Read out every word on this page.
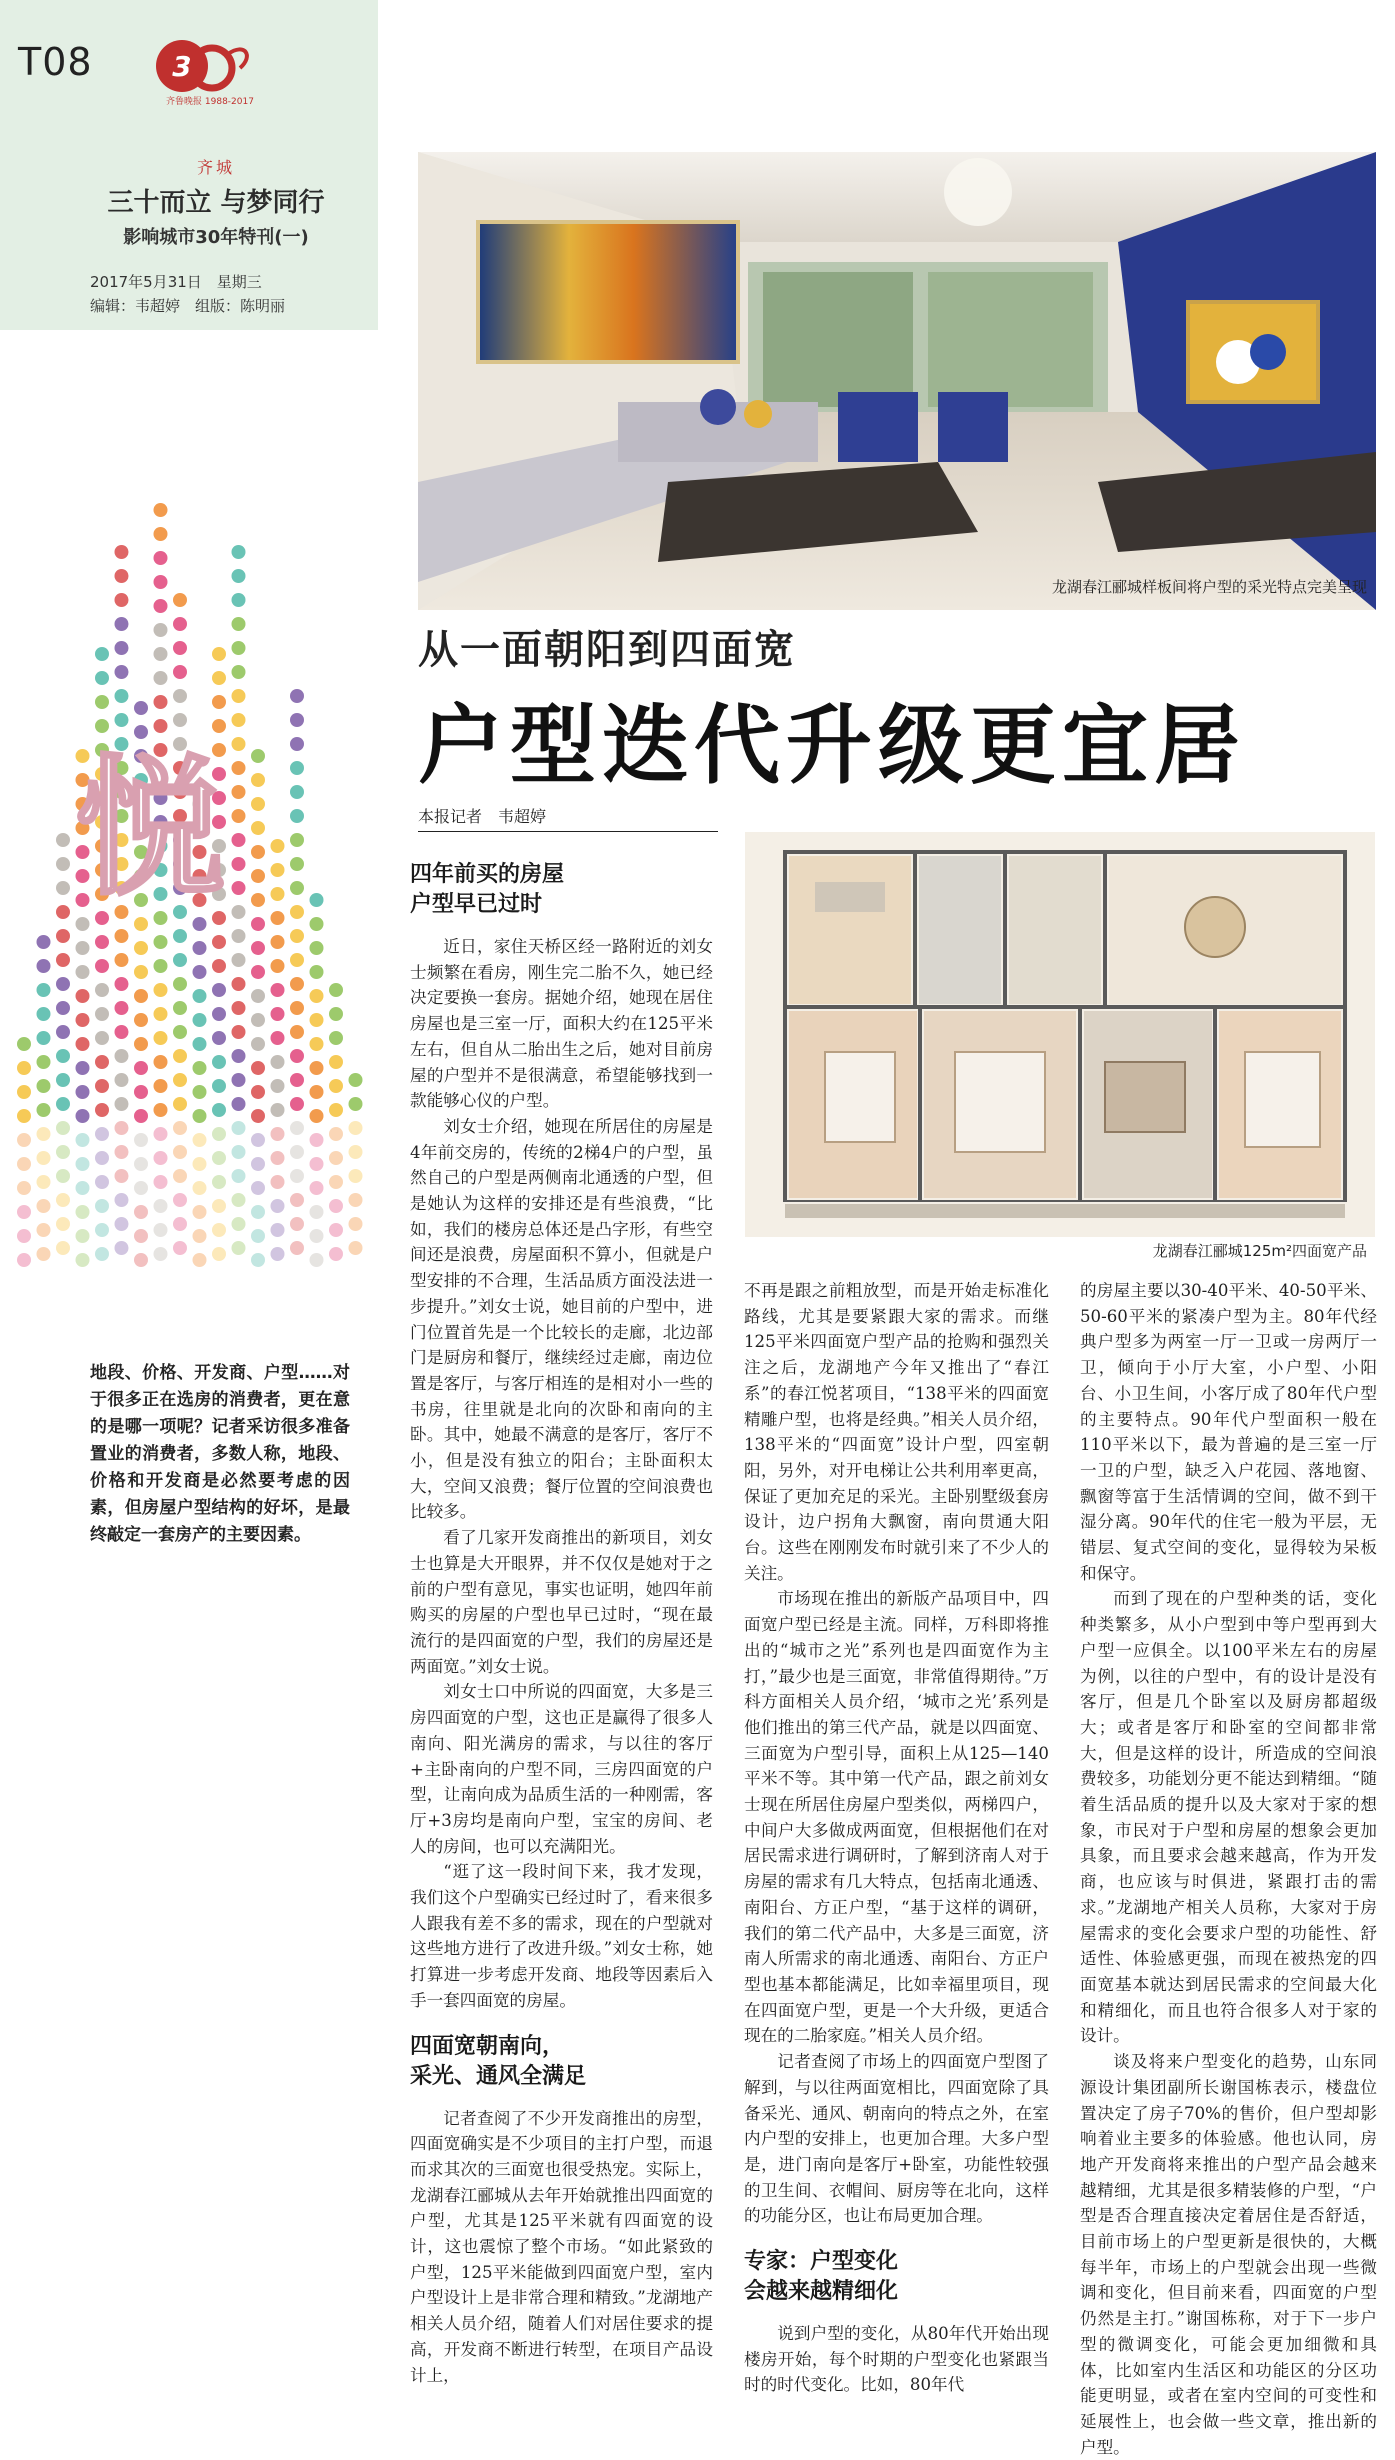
T08	3
齐鲁晚报 1988-2017
齐城
三十而立 与梦同行
影响城市30年特刊(一)
2017年5月31日　星期三
编辑：韦超婷　组版：陈明丽
悦
地段、价格、开发商、户型……对于很多正在选房的消费者，更在意的是哪一项呢？记者采访很多准备置业的消费者，多数人称，地段、价格和开发商是必然要考虑的因素，但房屋户型结构的好坏，是最终敲定一套房产的主要因素。
龙湖春江郦城样板间将户型的采光特点完美呈现
从一面朝阳到四面宽
户型迭代升级更宜居
本报记者　韦超婷
龙湖春江郦城125m²四面宽产品
四年前买的房屋
户型早已过时

近日，家住天桥区经一路附近的刘女士频繁在看房，刚生完二胎不久，她已经决定要换一套房。据她介绍，她现在居住房屋也是三室一厅，面积大约在125平米左右，但自从二胎出生之后，她对目前房屋的户型并不是很满意，希望能够找到一款能够心仪的户型。

刘女士介绍，她现在所居住的房屋是4年前交房的，传统的2梯4户的户型，虽然自己的户型是两侧南北通透的户型，但是她认为这样的安排还是有些浪费，“比如，我们的楼房总体还是凸字形，有些空间还是浪费，房屋面积不算小，但就是户型安排的不合理，生活品质方面没法进一步提升。”刘女士说，她目前的户型中，进门位置首先是一个比较长的走廊，北边部门是厨房和餐厅，继续经过走廊，南边位置是客厅，与客厅相连的是相对小一些的书房，往里就是北向的次卧和南向的主卧。其中，她最不满意的是客厅，客厅不小，但是没有独立的阳台；主卧面积太大，空间又浪费；餐厅位置的空间浪费也比较多。

看了几家开发商推出的新项目，刘女士也算是大开眼界，并不仅仅是她对于之前的户型有意见，事实也证明，她四年前购买的房屋的户型也早已过时，“现在最流行的是四面宽的户型，我们的房屋还是两面宽。”刘女士说。

刘女士口中所说的四面宽，大多是三房四面宽的户型，这也正是赢得了很多人南向、阳光满房的需求，与以往的客厅+主卧南向的户型不同，三房四面宽的户型，让南向成为品质生活的一种刚需，客厅+3房均是南向户型，宝宝的房间、老人的房间，也可以充满阳光。

“逛了这一段时间下来，我才发现，我们这个户型确实已经过时了，看来很多人跟我有差不多的需求，现在的户型就对这些地方进行了改进升级。”刘女士称，她打算进一步考虑开发商、地段等因素后入手一套四面宽的房屋。

四面宽朝南向，
采光、通风全满足

记者查阅了不少开发商推出的房型，四面宽确实是不少项目的主打户型，而退而求其次的三面宽也很受热宠。实际上，龙湖春江郦城从去年开始就推出四面宽的户型，尤其是125平米就有四面宽的设计，这也震惊了整个市场。“如此紧致的户型，125平米能做到四面宽户型，室内户型设计上是非常合理和精致。”龙湖地产相关人员介绍，随着人们对居住要求的提高，开发商不断进行转型，在项目产品设计上，

不再是跟之前粗放型，而是开始走标准化路线，尤其是要紧跟大家的需求。而继125平米四面宽户型产品的抢购和强烈关注之后，龙湖地产今年又推出了“春江系”的春江悦茗项目，“138平米的四面宽精雕户型，也将是经典。”相关人员介绍，138平米的“四面宽”设计户型，四室朝阳，另外，对开电梯让公共利用率更高，保证了更加充足的采光。主卧别墅级套房设计，边户拐角大飘窗，南向贯通大阳台。这些在刚刚发布时就引来了不少人的关注。

市场现在推出的新版产品项目中，四面宽户型已经是主流。同样，万科即将推出的“城市之光”系列也是四面宽作为主打，”最少也是三面宽，非常值得期待。”万科方面相关人员介绍，‘城市之光’系列是他们推出的第三代产品，就是以四面宽、三面宽为户型引导，面积上从125—140平米不等。其中第一代产品，跟之前刘女士现在所居住房屋户型类似，两梯四户，中间户大多做成两面宽，但根据他们在对居民需求进行调研时，了解到济南人对于房屋的需求有几大特点，包括南北通透、南阳台、方正户型，“基于这样的调研，我们的第二代产品中，大多是三面宽，济南人所需求的南北通透、南阳台、方正户型也基本都能满足，比如幸福里项目，现在四面宽户型，更是一个大升级，更适合现在的二胎家庭。”相关人员介绍。

记者查阅了市场上的四面宽户型图了解到，与以往两面宽相比，四面宽除了具备采光、通风、朝南向的特点之外，在室内户型的安排上，也更加合理。大多户型是，进门南向是客厅+卧室，功能性较强的卫生间、衣帽间、厨房等在北向，这样的功能分区，也让布局更加合理。

专家：户型变化
会越来越精细化

说到户型的变化，从80年代开始出现楼房开始，每个时期的户型变化也紧跟当时的时代变化。比如，80年代

的房屋主要以30-40平米、40-50平米、50-60平米的紧凑户型为主。80年代经典户型多为两室一厅一卫或一房两厅一卫，倾向于小厅大室，小户型、小阳台、小卫生间，小客厅成了80年代户型的主要特点。90年代户型面积一般在110平米以下，最为普遍的是三室一厅一卫的户型，缺乏入户花园、落地窗、飘窗等富于生活情调的空间，做不到干湿分离。90年代的住宅一般为平层，无错层、复式空间的变化，显得较为呆板和保守。

而到了现在的户型种类的话，变化种类繁多，从小户型到中等户型再到大户型一应俱全。以100平米左右的房屋为例，以往的户型中，有的设计是没有客厅，但是几个卧室以及厨房都超级大；或者是客厅和卧室的空间都非常大，但是这样的设计，所造成的空间浪费较多，功能划分更不能达到精细。“随着生活品质的提升以及大家对于家的想象，市民对于户型和房屋的想象会更加具象，而且要求会越来越高，作为开发商，也应该与时俱进，紧跟打击的需求。”龙湖地产相关人员称，大家对于房屋需求的变化会要求户型的功能性、舒适性、体验感更强，而现在被热宠的四面宽基本就达到居民需求的空间最大化和精细化，而且也符合很多人对于家的设计。

谈及将来户型变化的趋势，山东同源设计集团副所长谢国栋表示，楼盘位置决定了房子70%的售价，但户型却影响着业主要多的体验感。他也认同，房地产开发商将来推出的户型产品会越来越精细，尤其是很多精装修的户型，“户型是否合理直接决定着居住是否舒适，目前市场上的户型更新是很快的，大概每半年，市场上的户型就会出现一些微调和变化，但目前来看，四面宽的户型仍然是主打。”谢国栋称，对于下一步户型的微调变化，可能会更加细微和具体，比如室内生活区和功能区的分区功能更明显，或者在室内空间的可变性和延展性上，也会做一些文章，推出新的户型。
